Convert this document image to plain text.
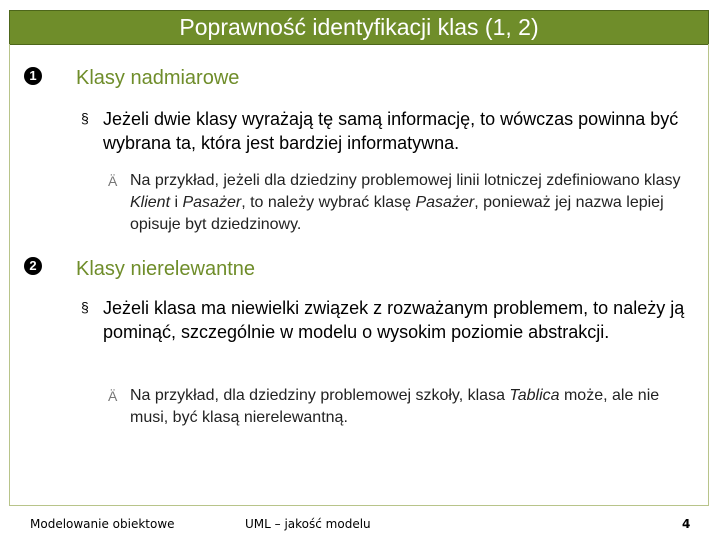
Poprawność identyfikacji klas (1, 2)
1 Klasy nadmiarowe
§ Jeżeli dwie klasy wyrażają tę samą informację, to wówczas powinna być wybrana ta, która jest bardziej informatywna.
Ä Na przykład, jeżeli dla dziedziny problemowej linii lotniczej zdefiniowano klasy Klient i Pasażer, to należy wybrać klasę Pasażer, ponieważ jej nazwa lepiej opisuje byt dziedzinowy.
2 Klasy nierelewantne
§ Jeżeli klasa ma niewielki związek z rozważanym problemem, to należy ją pominąć, szczególnie w modelu o wysokim poziomie abstrakcji.
Ä Na przykład, dla dziedziny problemowej szkoły, klasa Tablica może, ale nie musi, być klasą nierelewantną.
Modelowanie obiektowe	UML – jakość modelu	4
